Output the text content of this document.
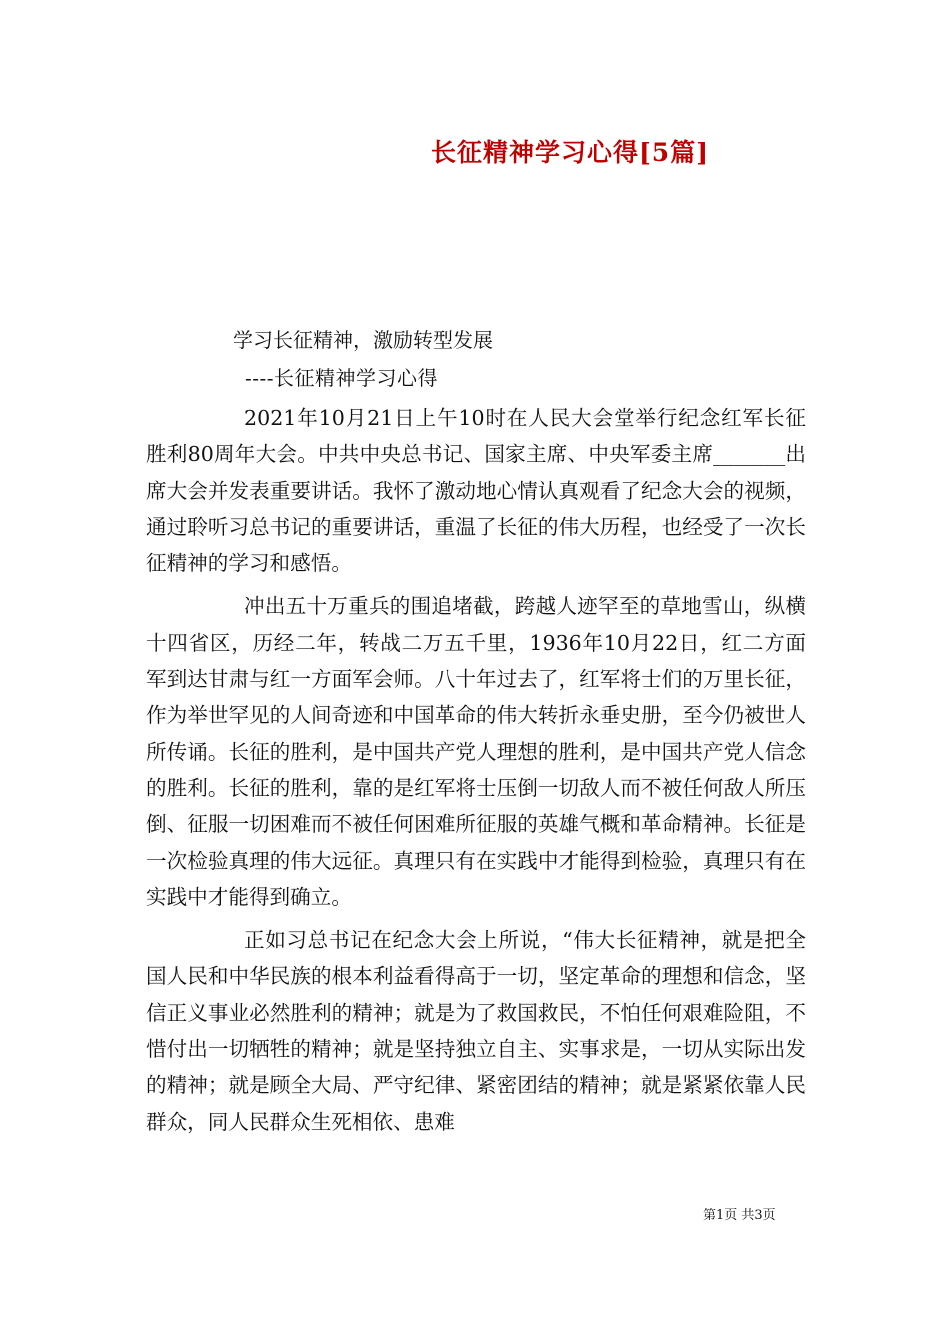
长征精神学习心得[5篇]

学习长征精神，激励转型发展

----长征精神学习心得

2021年10月21日上午10时在人民大会堂举行纪念红军长征胜利80周年大会。中共中央总书记、国家主席、中央军委主席_______出席大会并发表重要讲话。我怀了激动地心情认真观看了纪念大会的视频，通过聆听习总书记的重要讲话，重温了长征的伟大历程，也经受了一次长征精神的学习和感悟。

冲出五十万重兵的围追堵截，跨越人迹罕至的草地雪山，纵横十四省区，历经二年，转战二万五千里，1936年10月22日，红二方面军到达甘肃与红一方面军会师。八十年过去了，红军将士们的万里长征，作为举世罕见的人间奇迹和中国革命的伟大转折永垂史册，至今仍被世人所传诵。长征的胜利，是中国共产党人理想的胜利，是中国共产党人信念的胜利。长征的胜利，靠的是红军将士压倒一切敌人而不被任何敌人所压倒、征服一切困难而不被任何困难所征服的英雄气概和革命精神。长征是一次检验真理的伟大远征。真理只有在实践中才能得到检验，真理只有在实践中才能得到确立。

正如习总书记在纪念大会上所说，“伟大长征精神，就是把全国人民和中华民族的根本利益看得高于一切，坚定革命的理想和信念，坚信正义事业必然胜利的精神；就是为了救国救民，不怕任何艰难险阻，不惜付出一切牺牲的精神；就是坚持独立自主、实事求是，一切从实际出发的精神；就是顾全大局、严守纪律、紧密团结的精神；就是紧紧依靠人民群众，同人民群众生死相依、患难

第1页 共3页
